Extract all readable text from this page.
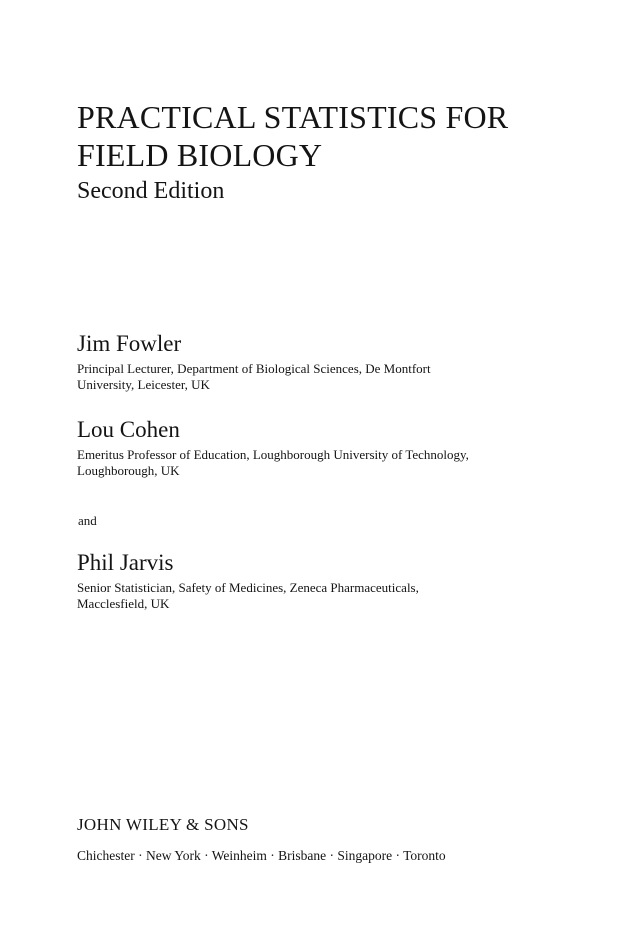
PRACTICAL STATISTICS FOR
FIELD BIOLOGY
Second Edition
Jim Fowler
Principal Lecturer, Department of Biological Sciences, De Montfort
University, Leicester, UK
Lou Cohen
Emeritus Professor of Education, Loughborough University of Technology,
Loughborough, UK
and
Phil Jarvis
Senior Statistician, Safety of Medicines, Zeneca Pharmaceuticals,
Macclesfield, UK
JOHN WILEY & SONS
Chichester · New York · Weinheim · Brisbane · Singapore · Toronto
